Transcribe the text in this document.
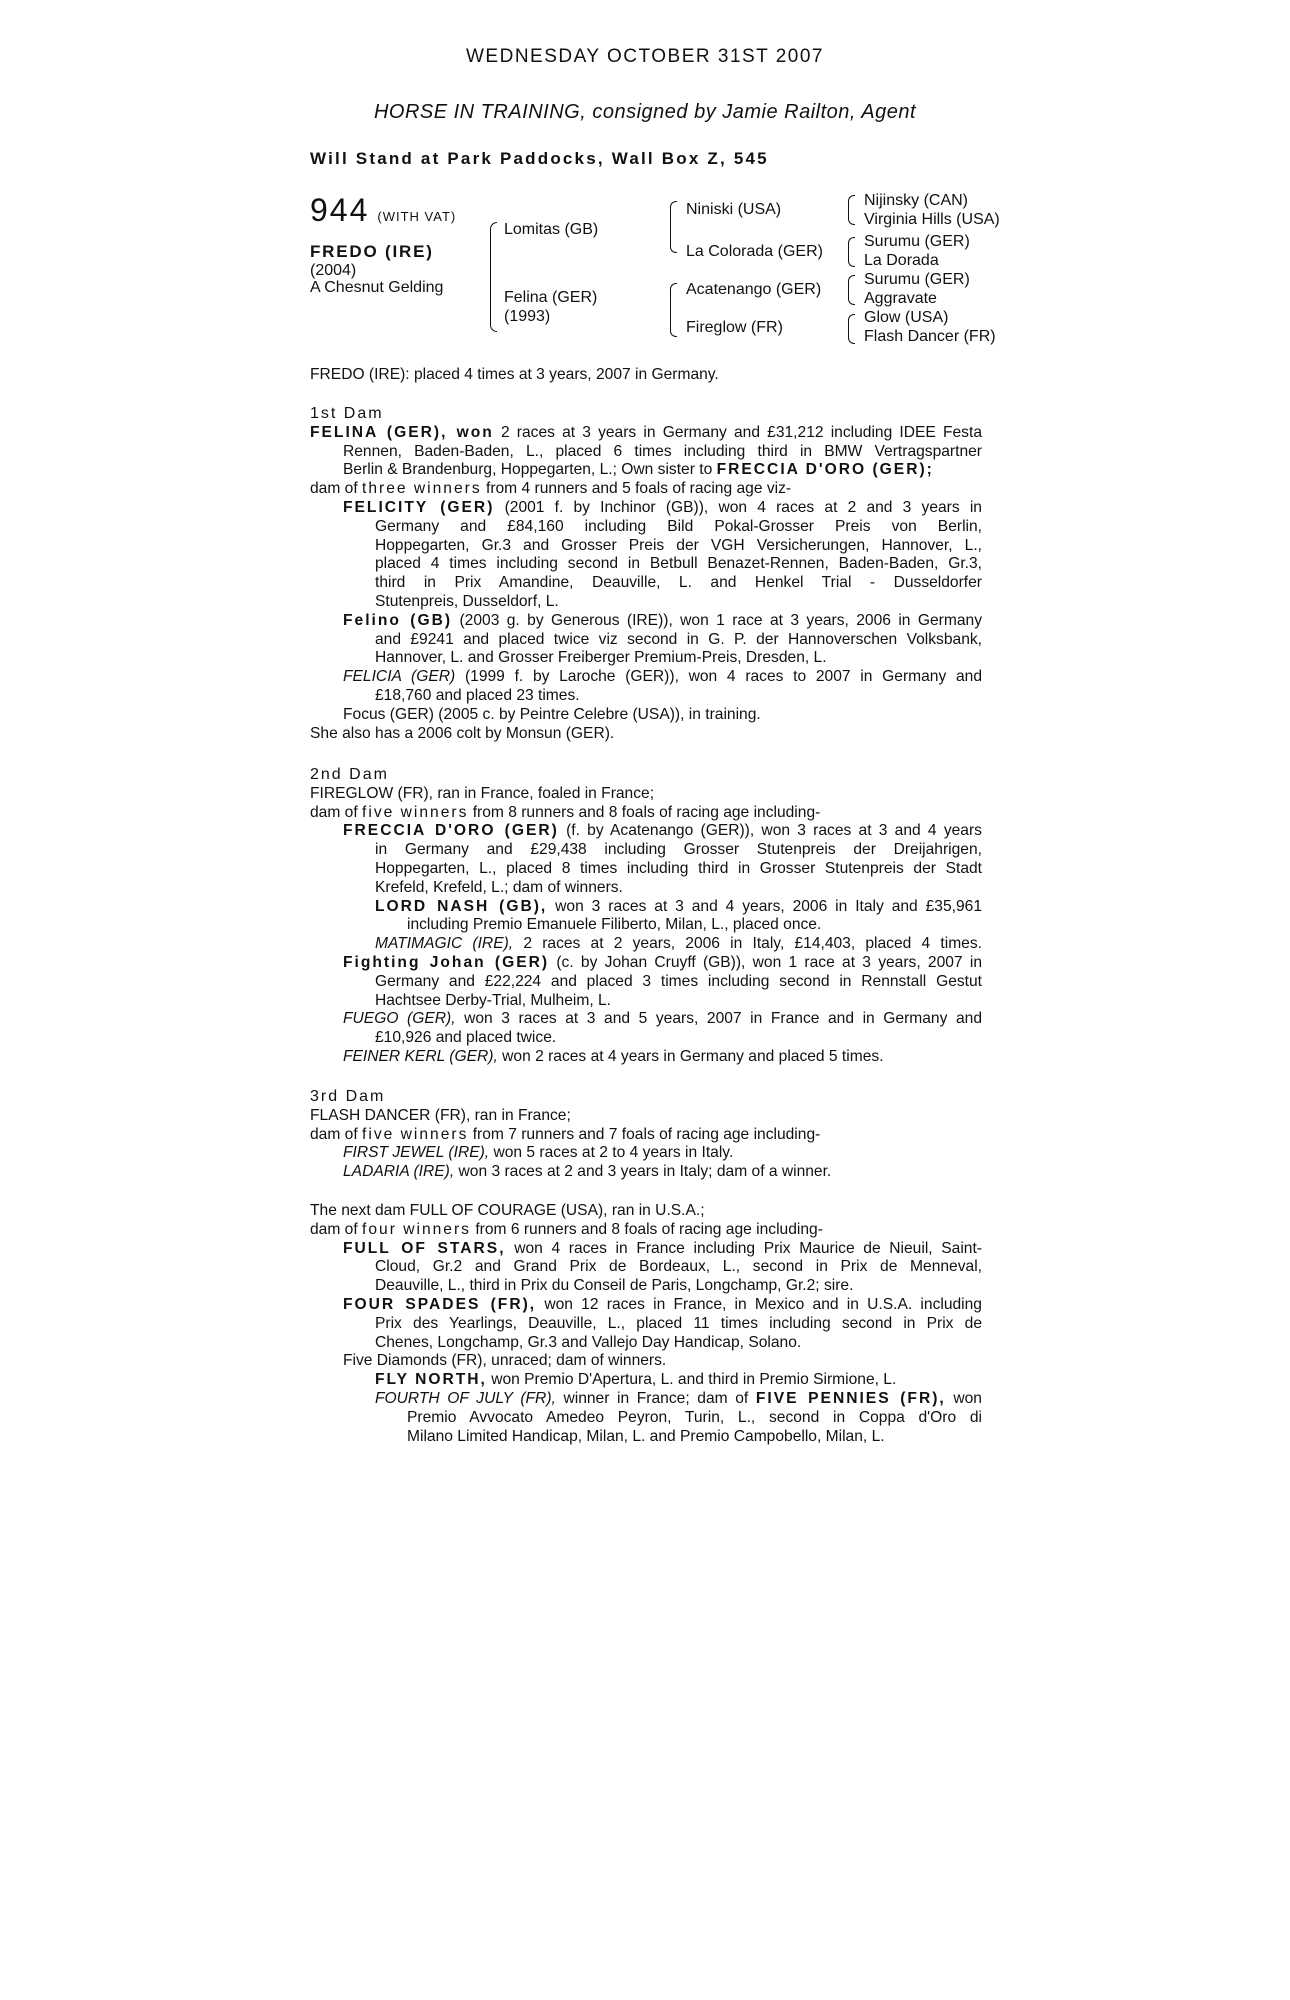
WEDNESDAY OCTOBER 31ST 2007
HORSE IN TRAINING, consigned by Jamie Railton, Agent
Will Stand at Park Paddocks, Wall Box Z, 545
944 (WITH VAT)
FREDO (IRE)
(2004)
A Chesnut Gelding
Lomitas (GB)
Felina (GER)
(1993)
Niniski (USA)
La Colorada (GER)
Acatenango (GER)
Fireglow (FR)
Nijinsky (CAN)
Virginia Hills (USA)
Surumu (GER)
La Dorada
Surumu (GER)
Aggravate
Glow (USA)
Flash Dancer (FR)
FREDO (IRE): placed 4 times at 3 years, 2007 in Germany.
1st Dam
FELINA (GER), won 2 races at 3 years in Germany and £31,212 including IDEE Festa
Rennen, Baden-Baden, L., placed 6 times including third in BMW Vertragspartner
Berlin & Brandenburg, Hoppegarten, L.; Own sister to FRECCIA D'ORO (GER);
dam of three winners from 4 runners and 5 foals of racing age viz-
FELICITY (GER) (2001 f. by Inchinor (GB)), won 4 races at 2 and 3 years in
Germany and £84,160 including Bild Pokal-Grosser Preis von Berlin,
Hoppegarten, Gr.3 and Grosser Preis der VGH Versicherungen, Hannover, L.,
placed 4 times including second in Betbull Benazet-Rennen, Baden-Baden, Gr.3,
third in Prix Amandine, Deauville, L. and Henkel Trial - Dusseldorfer
Stutenpreis, Dusseldorf, L.
Felino (GB) (2003 g. by Generous (IRE)), won 1 race at 3 years, 2006 in Germany
and £9241 and placed twice viz second in G. P. der Hannoverschen Volksbank,
Hannover, L. and Grosser Freiberger Premium-Preis, Dresden, L.
FELICIA (GER) (1999 f. by Laroche (GER)), won 4 races to 2007 in Germany and
£18,760 and placed 23 times.
Focus (GER) (2005 c. by Peintre Celebre (USA)), in training.
She also has a 2006 colt by Monsun (GER).
2nd Dam
FIREGLOW (FR), ran in France, foaled in France;
dam of five winners from 8 runners and 8 foals of racing age including-
FRECCIA D'ORO (GER) (f. by Acatenango (GER)), won 3 races at 3 and 4 years
in Germany and £29,438 including Grosser Stutenpreis der Dreijahrigen,
Hoppegarten, L., placed 8 times including third in Grosser Stutenpreis der Stadt
Krefeld, Krefeld, L.; dam of winners.
LORD NASH (GB), won 3 races at 3 and 4 years, 2006 in Italy and £35,961
including Premio Emanuele Filiberto, Milan, L., placed once.
MATIMAGIC (IRE), 2 races at 2 years, 2006 in Italy, £14,403, placed 4 times.
Fighting Johan (GER) (c. by Johan Cruyff (GB)), won 1 race at 3 years, 2007 in
Germany and £22,224 and placed 3 times including second in Rennstall Gestut
Hachtsee Derby-Trial, Mulheim, L.
FUEGO (GER), won 3 races at 3 and 5 years, 2007 in France and in Germany and
£10,926 and placed twice.
FEINER KERL (GER), won 2 races at 4 years in Germany and placed 5 times.
3rd Dam
FLASH DANCER (FR), ran in France;
dam of five winners from 7 runners and 7 foals of racing age including-
FIRST JEWEL (IRE), won 5 races at 2 to 4 years in Italy.
LADARIA (IRE), won 3 races at 2 and 3 years in Italy; dam of a winner.
The next dam FULL OF COURAGE (USA), ran in U.S.A.;
dam of four winners from 6 runners and 8 foals of racing age including-
FULL OF STARS, won 4 races in France including Prix Maurice de Nieuil, Saint-
Cloud, Gr.2 and Grand Prix de Bordeaux, L., second in Prix de Menneval,
Deauville, L., third in Prix du Conseil de Paris, Longchamp, Gr.2; sire.
FOUR SPADES (FR), won 12 races in France, in Mexico and in U.S.A. including
Prix des Yearlings, Deauville, L., placed 11 times including second in Prix de
Chenes, Longchamp, Gr.3 and Vallejo Day Handicap, Solano.
Five Diamonds (FR), unraced; dam of winners.
FLY NORTH, won Premio D'Apertura, L. and third in Premio Sirmione, L.
FOURTH OF JULY (FR), winner in France; dam of FIVE PENNIES (FR), won
Premio Avvocato Amedeo Peyron, Turin, L., second in Coppa d'Oro di
Milano Limited Handicap, Milan, L. and Premio Campobello, Milan, L.
